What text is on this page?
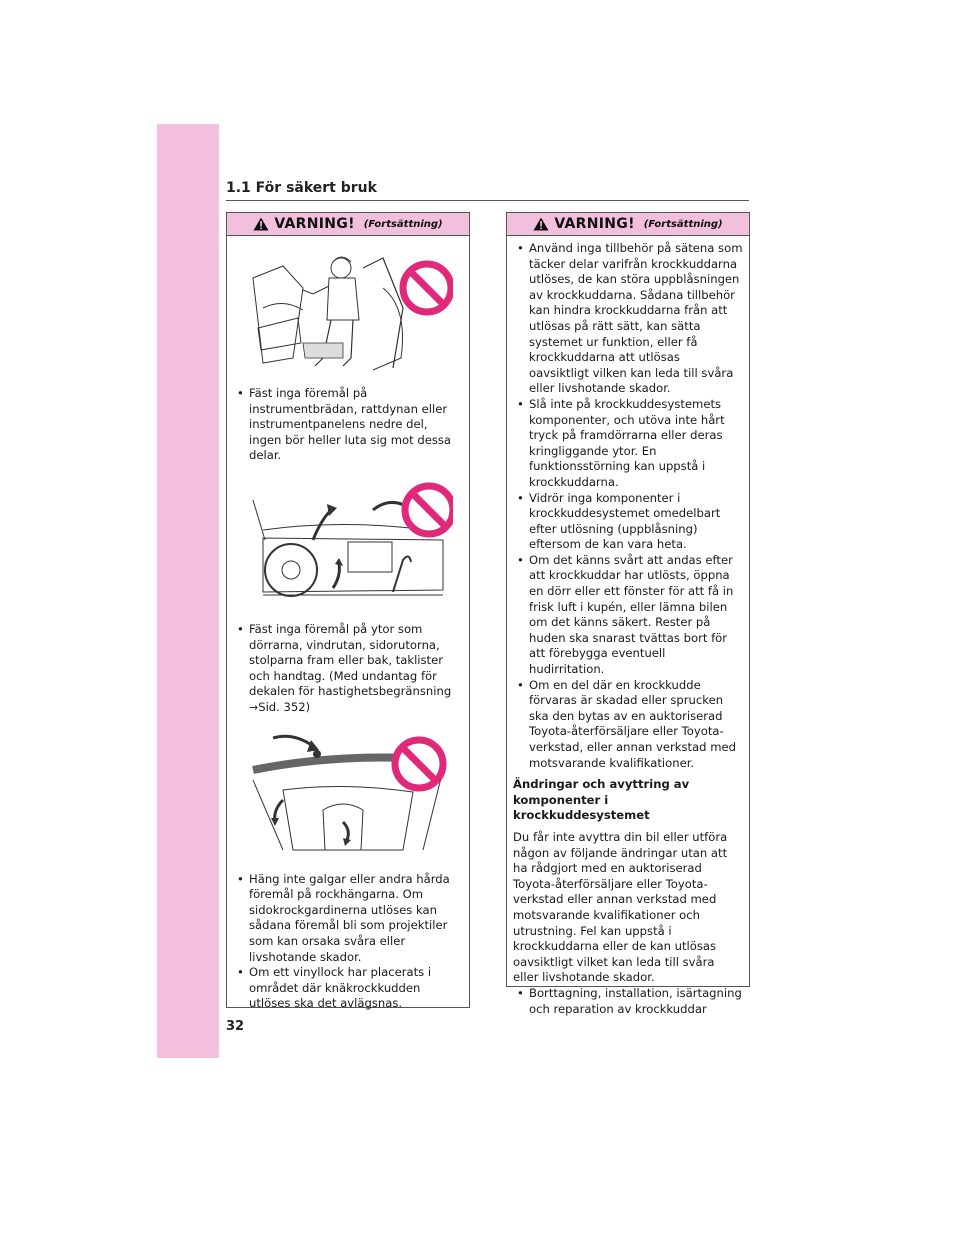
1.1 För säkert bruk
VARNING! (Fortsättning)
• Fäst inga föremål på instrumentbrädan, rattdynan eller instrumentpanelens nedre del, ingen bör heller luta sig mot dessa delar.
• Fäst inga föremål på ytor som dörrarna, vindrutan, sidorutorna, stolparna fram eller bak, taklister och handtag. (Med undantag för dekalen för hastighetsbegränsning
→Sid. 352)
• Häng inte galgar eller andra hårda föremål på rockhängarna. Om sidokrockgardinerna utlöses kan sådana föremål bli som projektiler som kan orsaka svåra eller livshotande skador.
• Om ett vinyllock har placerats i området där knäkrockkudden utlöses ska det avlägsnas.
VARNING! (Fortsättning)
• Använd inga tillbehör på sätena som täcker delar varifrån krockkuddarna utlöses, de kan störa uppblåsningen av krockkuddarna. Sådana tillbehör kan hindra krockkuddarna från att utlösas på rätt sätt, kan sätta systemet ur funktion, eller få krockkuddarna att utlösas oavsiktligt vilken kan leda till svåra eller livshotande skador.
• Slå inte på krockkuddesystemets komponenter, och utöva inte hårt tryck på framdörrarna eller deras kringliggande ytor. En funktionsstörning kan uppstå i krockkuddarna.
• Vidrör inga komponenter i krockkuddesystemet omedelbart efter utlösning (uppblåsning) eftersom de kan vara heta.
• Om det känns svårt att andas efter att krockkuddar har utlösts, öppna en dörr eller ett fönster för att få in frisk luft i kupén, eller lämna bilen om det känns säkert. Rester på huden ska snarast tvättas bort för att förebygga eventuell hudirritation.
• Om en del där en krockkudde förvaras är skadad eller sprucken ska den bytas av en auktoriserad Toyota-återförsäljare eller Toyota-verkstad, eller annan verkstad med motsvarande kvalifikationer.
Ändringar och avyttring av komponenter i krockkuddesystemet
Du får inte avyttra din bil eller utföra någon av följande ändringar utan att ha rådgjort med en auktoriserad Toyota-återförsäljare eller Toyota-verkstad eller annan verkstad med motsvarande kvalifikationer och utrustning. Fel kan uppstå i krockkuddarna eller de kan utlösas oavsiktligt vilket kan leda till svåra eller livshotande skador.
• Borttagning, installation, isärtagning och reparation av krockkuddar
32
